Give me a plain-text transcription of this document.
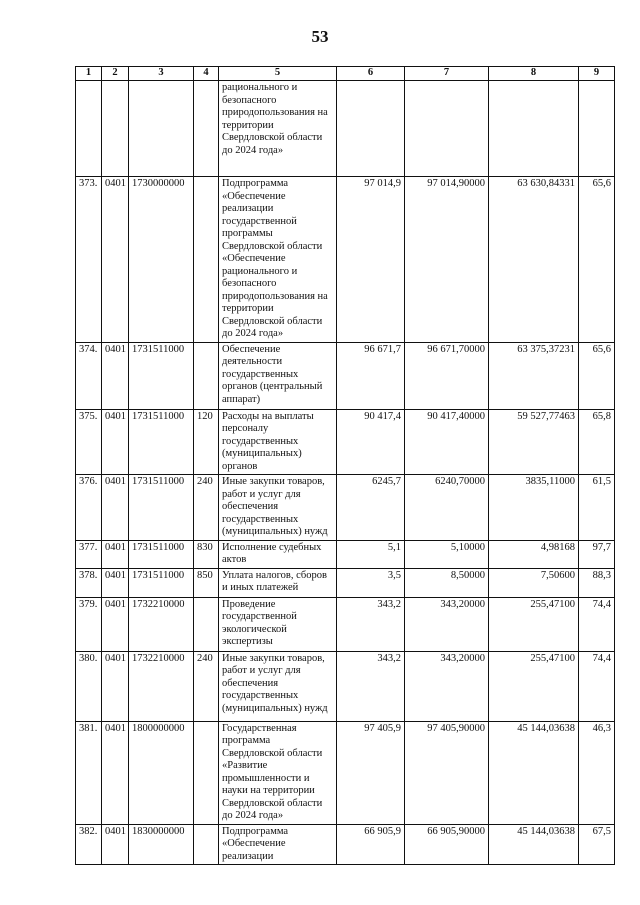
53
1	2	3	4	5	6	7	8	9
				рационального и безопасного природопользования на территории Свердловской области до 2024 года»				
373.	0401	1730000000		Подпрограмма «Обеспечение реализации государственной программы Свердловской области «Обеспечение рационального и безопасного природопользования на территории Свердловской области до 2024 года»	97 014,9	97 014,90000	63 630,84331	65,6
374.	0401	1731511000		Обеспечение деятельности государственных органов (центральный аппарат)	96 671,7	96 671,70000	63 375,37231	65,6
375.	0401	1731511000	120	Расходы на выплаты персоналу государственных (муниципальных) органов	90 417,4	90 417,40000	59 527,77463	65,8
376.	0401	1731511000	240	Иные закупки товаров, работ и услуг для обеспечения государственных (муниципальных) нужд	6245,7	6240,70000	3835,11000	61,5
377.	0401	1731511000	830	Исполнение судебных актов	5,1	5,10000	4,98168	97,7
378.	0401	1731511000	850	Уплата налогов, сборов и иных платежей	3,5	8,50000	7,50600	88,3
379.	0401	1732210000		Проведение государственной экологической экспертизы	343,2	343,20000	255,47100	74,4
380.	0401	1732210000	240	Иные закупки товаров, работ и услуг для обеспечения государственных (муниципальных) нужд	343,2	343,20000	255,47100	74,4
381.	0401	1800000000		Государственная программа Свердловской области «Развитие промышленности и науки на территории Свердловской области до 2024 года»	97 405,9	97 405,90000	45 144,03638	46,3
382.	0401	1830000000		Подпрограмма «Обеспечение реализации	66 905,9	66 905,90000	45 144,03638	67,5
